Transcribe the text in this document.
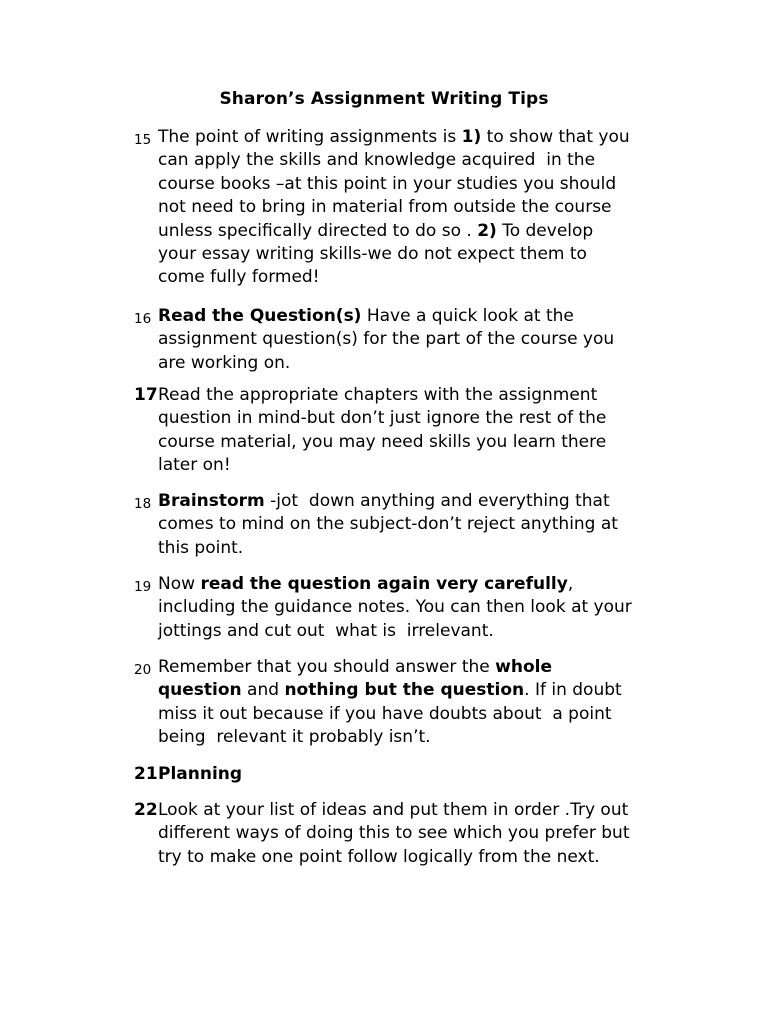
Sharon’s Assignment Writing Tips
15 The point of writing assignments is 1) to show that you
can apply the skills and knowledge acquired  in the
course books –at this point in your studies you should
not need to bring in material from outside the course
unless specifically directed to do so . 2) To develop
your essay writing skills-we do not expect them to
come fully formed!
16 Read the Question(s) Have a quick look at the
assignment question(s) for the part of the course you
are working on.
17 Read the appropriate chapters with the assignment
question in mind-but don’t just ignore the rest of the
course material, you may need skills you learn there
later on!
18 Brainstorm -jot  down anything and everything that
comes to mind on the subject-don’t reject anything at
this point.
19 Now read the question again very carefully,
including the guidance notes. You can then look at your
jottings and cut out  what is  irrelevant.
20 Remember that you should answer the whole
question and nothing but the question. If in doubt
miss it out because if you have doubts about  a point
being  relevant it probably isn’t.
21 Planning
22 Look at your list of ideas and put them in order .Try out
different ways of doing this to see which you prefer but
try to make one point follow logically from the next.
